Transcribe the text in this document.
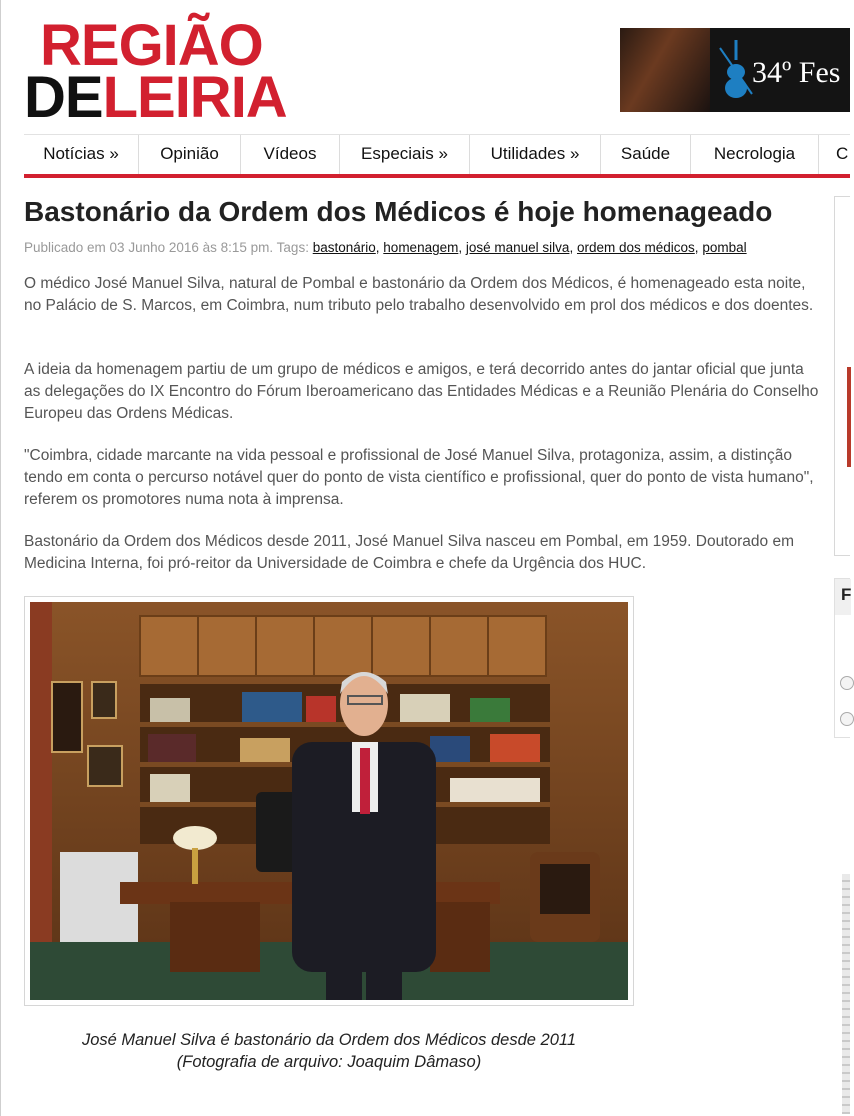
REGIÃO
DELEIRIA	34º Fes
Notícias »	Opinião	Vídeos	Especiais »	Utilidades »	Saúde	Necrologia	C
Bastonário da Ordem dos Médicos é hoje homenageado
Publicado em 03 Junho 2016 às 8:15 pm. Tags: bastonário, homenagem, josé manuel silva, ordem dos médicos, pombal

O médico José Manuel Silva, natural de Pombal e bastonário da Ordem dos Médicos, é homenageado esta noite, no Palácio de S. Marcos, em Coimbra, num tributo pelo trabalho desenvolvido em prol dos médicos e dos doentes.

A ideia da homenagem partiu de um grupo de médicos e amigos, e terá decorrido antes do jantar oficial que junta as delegações do IX Encontro do Fórum Iberoamericano das Entidades Médicas e a Reunião Plenária do Conselho Europeu das Ordens Médicas.

"Coimbra, cidade marcante na vida pessoal e profissional de José Manuel Silva, protagoniza, assim, a distinção tendo em conta o percurso notável quer do ponto de vista científico e profissional, quer do ponto de vista humano", referem os promotores numa nota à imprensa.

Bastonário da Ordem dos Médicos desde 2011, José Manuel Silva nasceu em Pombal, em 1959. Doutorado em Medicina Interna, foi pró-reitor da Universidade de Coimbra e chefe da Urgência dos HUC.

José Manuel Silva é bastonário da Ordem dos Médicos desde 2011
(Fotografia de arquivo: Joaquim Dâmaso)
F
